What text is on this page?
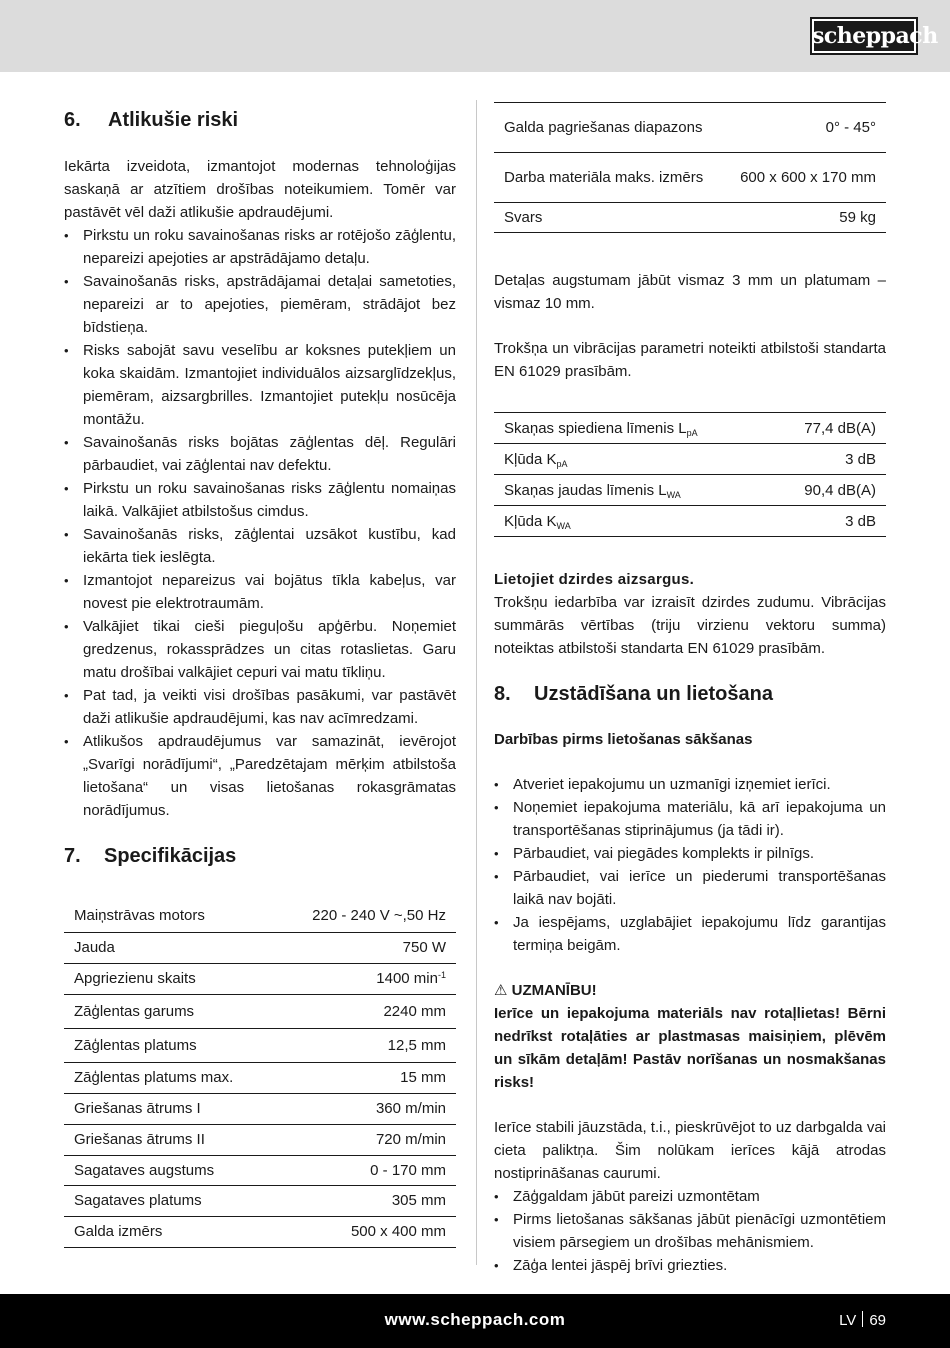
scheppach
6.	Atlikušie riski

Iekārta izveidota, izmantojot modernas tehnoloģijas saskaņā ar atzītiem drošības noteikumiem. Tomēr var pastāvēt vēl daži atlikušie apdraudējumi.

• Pirkstu un roku savainošanas risks ar rotējošo zāģlentu, nepareizi apejoties ar apstrādājamo detaļu.
• Savainošanās risks, apstrādājamai detaļai sametoties, nepareizi ar to apejoties, piemēram, strādājot bez bīdstieņa.
• Risks sabojāt savu veselību ar koksnes putekļiem un koka skaidām. Izmantojiet individuālos aizsarglīdzekļus, piemēram, aizsargbrilles. Izmantojiet putekļu nosūcēja montāžu.
• Savainošanās risks bojātas zāģlentas dēļ. Regulāri pārbaudiet, vai zāģlentai nav defektu.
• Pirkstu un roku savainošanas risks zāģlentu nomaiņas laikā. Valkājiet atbilstošus cimdus.
• Savainošanās risks, zāģlentai uzsākot kustību, kad iekārta tiek ieslēgta.
• Izmantojot nepareizus vai bojātus tīkla kabeļus, var novest pie elektrotraumām.
• Valkājiet tikai cieši pieguļošu apģērbu. Noņemiet gredzenus, rokassprādzes un citas rotaslietas. Garu matu drošībai valkājiet cepuri vai matu tīkliņu.
• Pat tad, ja veikti visi drošības pasākumi, var pastāvēt daži atlikušie apdraudējumi, kas nav acīmredzami.
• Atlikušos apdraudējumus var samazināt, ievērojot „Svarīgi norādījumi“, „Paredzētajam mērķim atbilstoša lietošana“ un visas lietošanas rokasgrāmatas norādījumus.
7.	Specifikācijas
Maiņstrāvas motors	220 - 240 V ~,50 Hz
Jauda	750 W
Apgriezienu skaits	1400 $\min^{-1}$
Zāģlentas garums	2240 mm
Zāģlentas platums	12,5 mm
Zāģlentas platums max.	15 mm
Griešanas ātrums I	360 m/min
Griešanas ātrums II	720 m/min
Sagataves augstums	0 - 170 mm
Sagataves platums	305 mm
Galda izmērs	500 x 400 mm
Galda pagriešanas diapazons	0° - 45°
Darba materiāla maks. izmērs	600 x 600 x 170 mm
Svars	59 kg

Detaļas augstumam jābūt vismaz 3 mm un platumam – vismaz 10 mm.

Trokšņa un vibrācijas parametri noteikti atbilstoši standarta EN 61029 prasībām.

Skaņas spiediena līmenis $L_{pA}$	77,4 dB(A)
Kļūda $K_{pA}$	3 dB
Skaņas jaudas līmenis $L_{WA}$	90,4 dB(A)
Kļūda $K_{WA}$	3 dB

Lietojiet dzirdes aizsargus.

Trokšņu iedarbība var izraisīt dzirdes zudumu. Vibrācijas summārās vērtības (triju virzienu vektoru summa) noteiktas atbilstoši standarta EN 61029 prasībām.

8.	Uzstādīšana un lietošana

Darbības pirms lietošanas sākšanas

• Atveriet iepakojumu un uzmanīgi izņemiet ierīci.
• Noņemiet iepakojuma materiālu, kā arī iepakojuma un transportēšanas stiprinājumus (ja tādi ir).
• Pārbaudiet, vai piegādes komplekts ir pilnīgs.
• Pārbaudiet, vai ierīce un piederumi transportēšanas laikā nav bojāti.
• Ja iespējams, uzglabājiet iepakojumu līdz garantijas termiņa beigām.

⚠ UZMANĪBU!

Ierīce un iepakojuma materiāls nav rotaļlietas! Bērni nedrīkst rotaļāties ar plastmasas maisiņiem, plēvēm un sīkām detaļām! Pastāv norīšanas un nosmakšanas risks!

Ierīce stabili jāuzstāda, t.i., pieskrūvējot to uz darbgalda vai cieta paliktņa. Šim nolūkam ierīces kājā atrodas nostiprināšanas caurumi.

• Zāģgaldam jābūt pareizi uzmontētam
• Pirms lietošanas sākšanas jābūt pienācīgi uzmontētiem visiem pārsegiem un drošības mehānismiem.
• Zāģa lentei jāspēj brīvi griezties.
www.scheppach.com	LV 69
